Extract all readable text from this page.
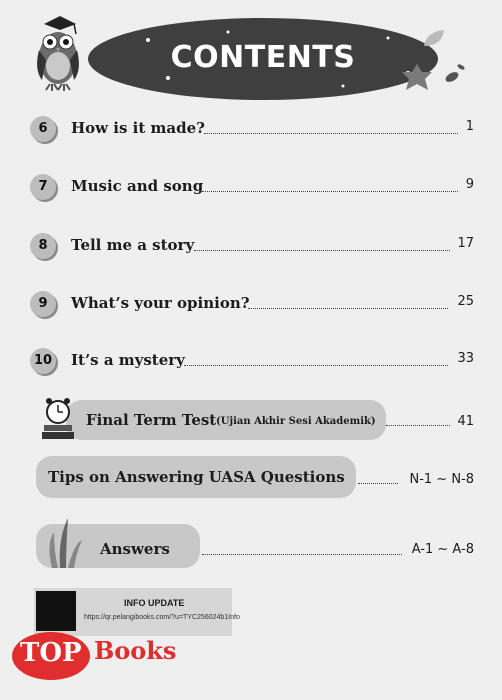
CONTENTS
6	How is it made?	1
7	Music and song	9
8	Tell me a story	17
9	What’s your opinion?	25
10 It’s a mystery	33
Final Term Test (Ujian Akhir Sesi Akademik)	41
Tips on Answering UASA Questions	N-1 ~ N-8
Answers	A-1 ~ A-8
INFO UPDATE
https://qr.pelangibooks.com/?u=TYC256024b1Info
TOP Books
